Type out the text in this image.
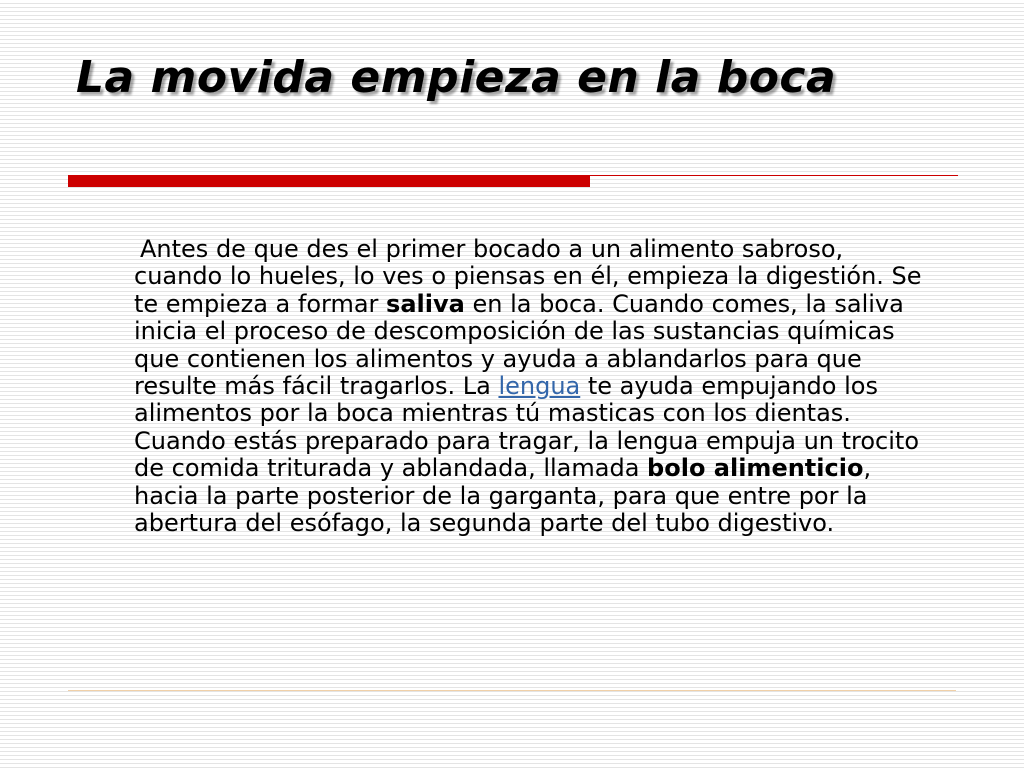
La movida empieza en la boca

Antes de que des el primer bocado a un alimento sabroso, cuando lo hueles, lo ves o piensas en él, empieza la digestión. Se te empieza a formar saliva en la boca. Cuando comes, la saliva inicia el proceso de descomposición de las sustancias químicas que contienen los alimentos y ayuda a ablandarlos para que resulte más fácil tragarlos. La lengua te ayuda empujando los alimentos por la boca mientras tú masticas con los dientas. Cuando estás preparado para tragar, la lengua empuja un trocito de comida triturada y ablandada, llamada bolo alimenticio, hacia la parte posterior de la garganta, para que entre por la abertura del esófago, la segunda parte del tubo digestivo.
